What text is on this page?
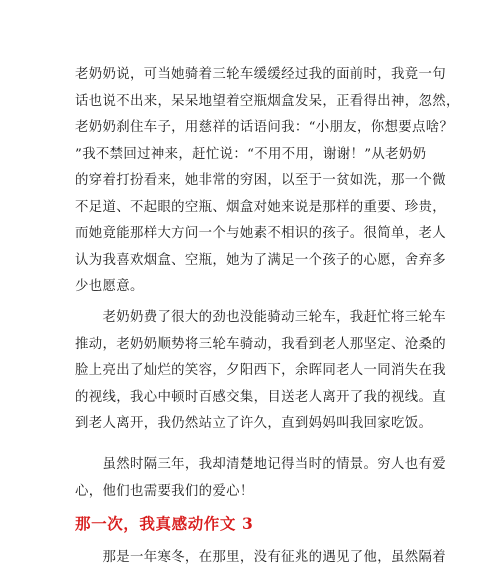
老奶奶说，可当她骑着三轮车缓缓经过我的面前时，我竟一句
话也说不出来，呆呆地望着空瓶烟盒发呆，正看得出神，忽然，
老奶奶刹住车子，用慈祥的话语问我：“小朋友，你想要点啥？
”我不禁回过神来，赶忙说：“不用不用，谢谢！”从老奶奶
的穿着打扮看来，她非常的穷困，以至于一贫如洗，那一个微
不足道、不起眼的空瓶、烟盒对她来说是那样的重要、珍贵，
而她竟能那样大方问一个与她素不相识的孩子。很简单，老人
认为我喜欢烟盒、空瓶，她为了满足一个孩子的心愿，舍弃多
少也愿意。
　　老奶奶费了很大的劲也没能骑动三轮车，我赶忙将三轮车
推动，老奶奶顺势将三轮车骑动，我看到老人那坚定、沧桑的
脸上亮出了灿烂的笑容，夕阳西下，余晖同老人一同消失在我
的视线，我心中顿时百感交集，目送老人离开了我的视线。直
到老人离开，我仍然站立了许久，直到妈妈叫我回家吃饭。
　　虽然时隔三年，我却清楚地记得当时的情景。穷人也有爱
心，他们也需要我们的爱心！
那一次，我真感动作文 3
　　那是一年寒冬，在那里，没有征兆的遇见了他，虽然隔着
